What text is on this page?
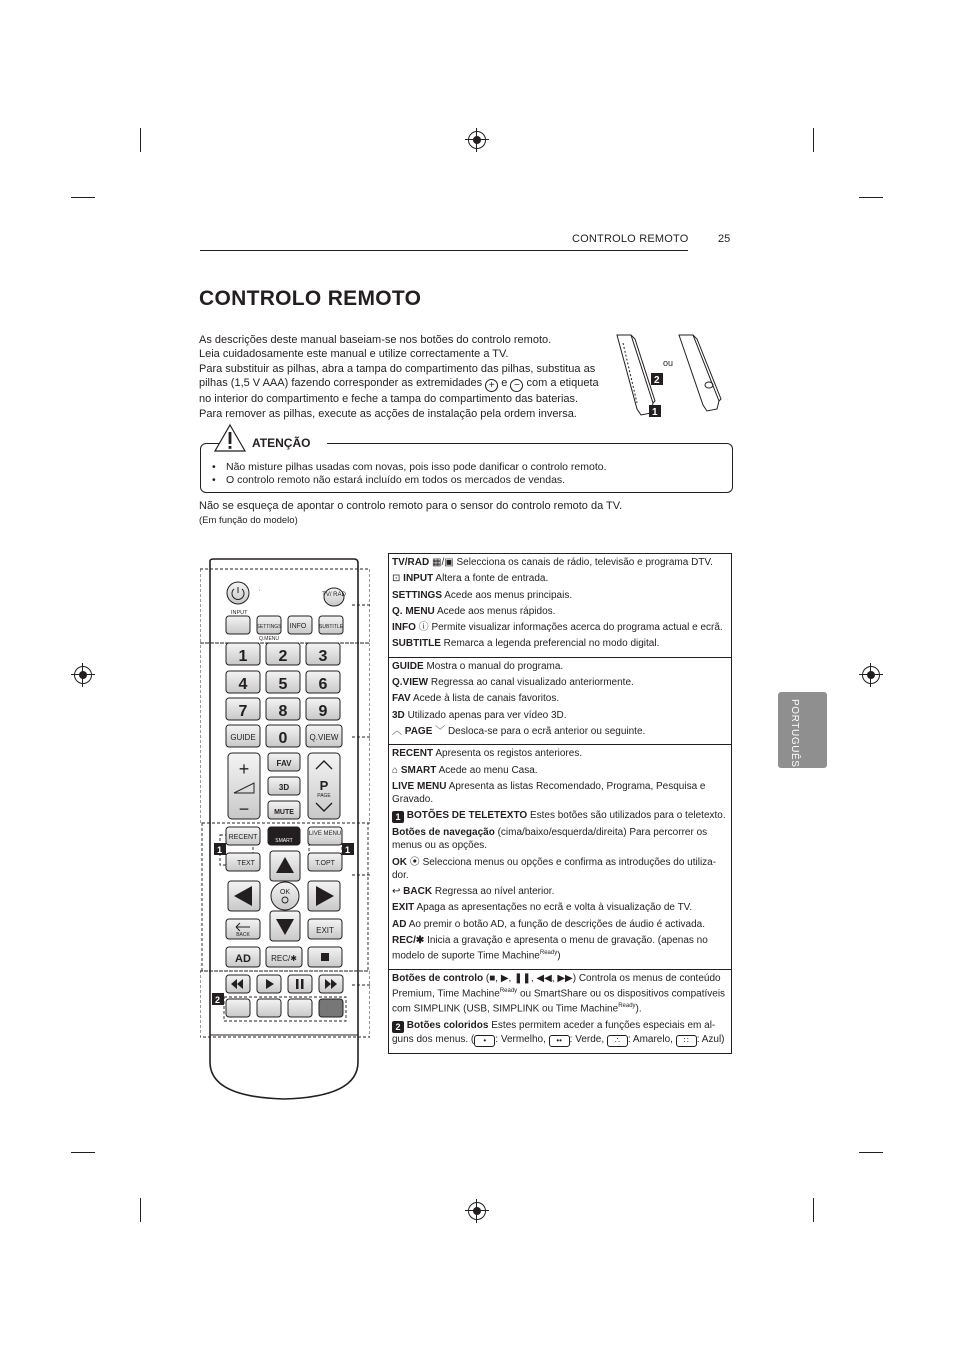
CONTROLO REMOTO	25
CONTROLO REMOTO

As descrições deste manual baseiam-se nos botões do controlo remoto.

Leia cuidadosamente este manual e utilize correctamente a TV.

Para substituir as pilhas, abra a tampa do compartimento das pilhas, substitua as

pilhas (1,5 V AAA) fazendo corresponder as extremidades + e − com a etiqueta

no interior do compartimento e feche a tampa do compartimento das baterias.

Para remover as pilhas, execute as acções de instalação pela ordem inversa.

2
1
ou
ATENÇÃO
• Não misture pilhas usadas com novas, pois isso pode danificar o controlo remoto.
• O controlo remoto não estará incluído em todos os mercados de vendas.
Não se esqueça de apontar o controlo remoto para o sensor do controlo remoto da TV.
(Em função do modelo)
PORTUGUÊS
⋮
TV/ RAD
INPUT
SETTINGS
Q.MENU
INFO	SUBTITLE
1 2 3
4 5 6
7 8 9
GUIDE 0	Q.VIEW
+
−
FAV
3D
MUTE
P
PAGE
RECENT	SMART
LIVE MENU
TEXT	T.OPT
OK
BACK	EXIT
AD	REC/✱
1	1
2

TV/RAD ▦/▣ Selecciona os canais de rádio, televisão e programa DTV.

⊡ INPUT Altera a fonte de entrada.

SETTINGS Acede aos menus principais.

Q. MENU Acede aos menus rápidos.

INFO ⓘ Permite visualizar informações acerca do programa actual e ecrã.

SUBTITLE Remarca a legenda preferencial no modo digital.

GUIDE Mostra o manual do programa.

Q.VIEW Regressa ao canal visualizado anteriormente.

FAV Acede à lista de canais favoritos.

3D Utilizado apenas para ver vídeo 3D.

︿ PAGE ﹀ Desloca-se para o ecrã anterior ou seguinte.

RECENT Apresenta os registos anteriores.

⌂ SMART Acede ao menu Casa.

LIVE MENU Apresenta as listas Recomendado, Programa, Pesquisa e Gravado.

1 BOTÕES DE TELETEXTO Estes botões são utilizados para o teletexto.

Botões de navegação (cima/baixo/esquerda/direita) Para percorrer os menus ou as opções.

OK ⦿ Selecciona menus ou opções e confirma as introduções do utiliza-dor.

↩ BACK Regressa ao nível anterior.

EXIT Apaga as apresentações no ecrã e volta à visualização de TV.

AD Ao premir o botão AD, a função de descrições de áudio é activada.

REC/✱ Inicia a gravação e apresenta o menu de gravação. (apenas no modelo de suporte Time Machine$^{Ready}$)

Botões de controlo (■, ▶, ❚❚, ◀◀, ▶▶) Controla os menus de conteúdo Premium, Time Machine$^{Ready}$ ou SmartShare ou os dispositivos compatíveis com SIMPLINK (USB, SIMPLINK ou Time Machine$^{Ready}$).

2 Botões coloridos Estes permitem aceder a funções especiais em al-guns dos menus. ( • : Vermelho, •• : Verde, ∴ : Amarelo, ∷ : Azul)
